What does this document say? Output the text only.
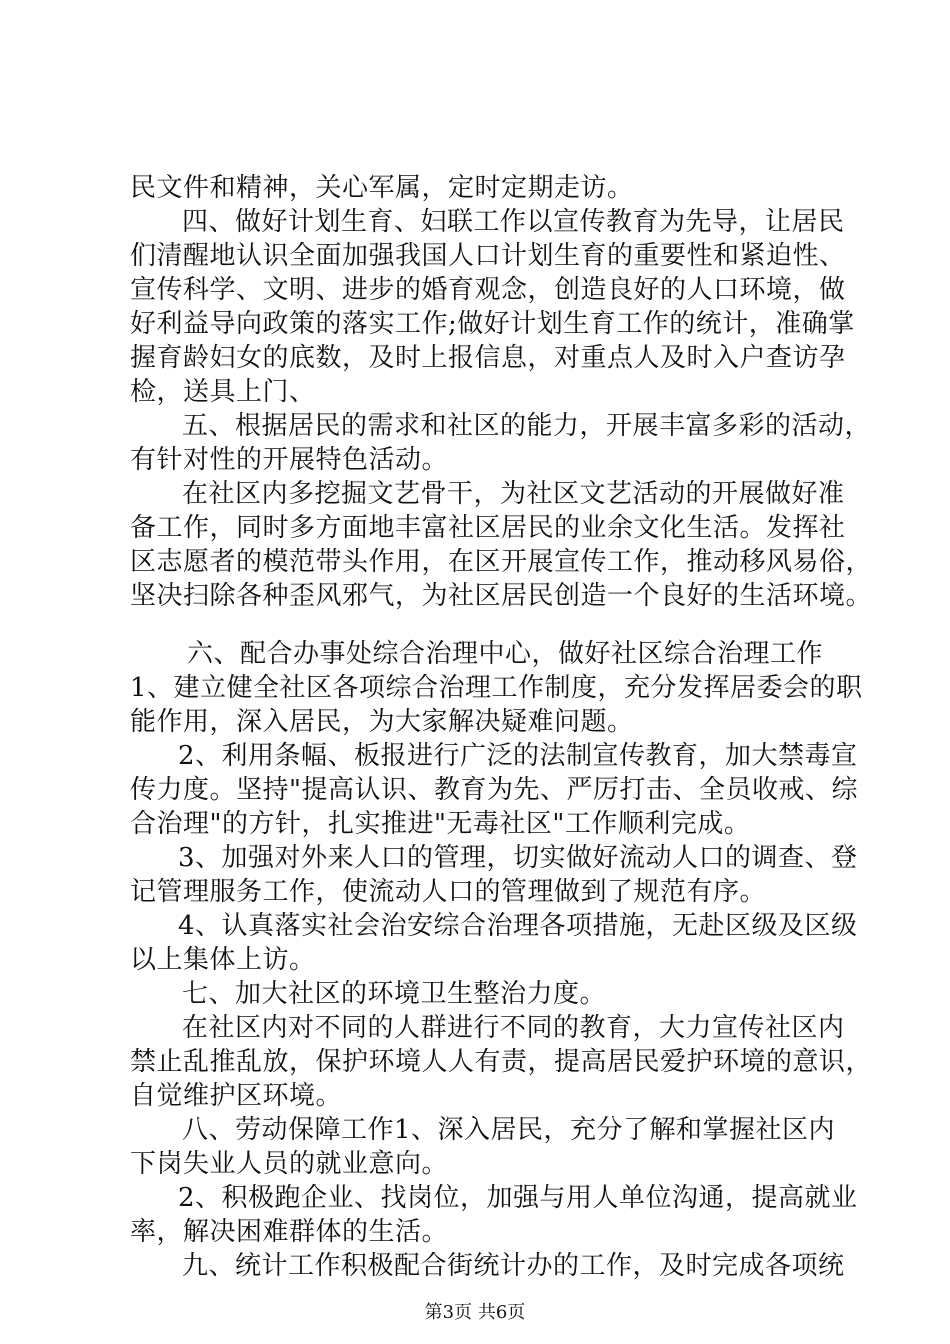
民文件和精神，关心军属，定时定期走访。
四、做好计划生育、妇联工作以宣传教育为先导，让居民
们清醒地认识全面加强我国人口计划生育的重要性和紧迫性、
宣传科学、文明、进步的婚育观念，创造良好的人口环境，做
好利益导向政策的落实工作;做好计划生育工作的统计，准确掌
握育龄妇女的底数，及时上报信息，对重点人及时入户查访孕
检，送具上门、
五、根据居民的需求和社区的能力，开展丰富多彩的活动，
有针对性的开展特色活动。
在社区内多挖掘文艺骨干，为社区文艺活动的开展做好准
备工作，同时多方面地丰富社区居民的业余文化生活。发挥社
区志愿者的模范带头作用，在区开展宣传工作，推动移风易俗，
坚决扫除各种歪风邪气，为社区居民创造一个良好的生活环境。
六、配合办事处综合治理中心，做好社区综合治理工作
1、建立健全社区各项综合治理工作制度，充分发挥居委会的职
能作用，深入居民，为大家解决疑难问题。
2、利用条幅、板报进行广泛的法制宣传教育，加大禁毒宣
传力度。坚持"提高认识、教育为先、严厉打击、全员收戒、综
合治理"的方针，扎实推进"无毒社区"工作顺利完成。
3、加强对外来人口的管理，切实做好流动人口的调查、登
记管理服务工作，使流动人口的管理做到了规范有序。
4、认真落实社会治安综合治理各项措施，无赴区级及区级
以上集体上访。
七、加大社区的环境卫生整治力度。
在社区内对不同的人群进行不同的教育，大力宣传社区内
禁止乱推乱放，保护环境人人有责，提高居民爱护环境的意识，
自觉维护区环境。
八、劳动保障工作1、深入居民，充分了解和掌握社区内
下岗失业人员的就业意向。
2、积极跑企业、找岗位，加强与用人单位沟通，提高就业
率，解决困难群体的生活。
九、统计工作积极配合街统计办的工作，及时完成各项统
第3页 共6页
